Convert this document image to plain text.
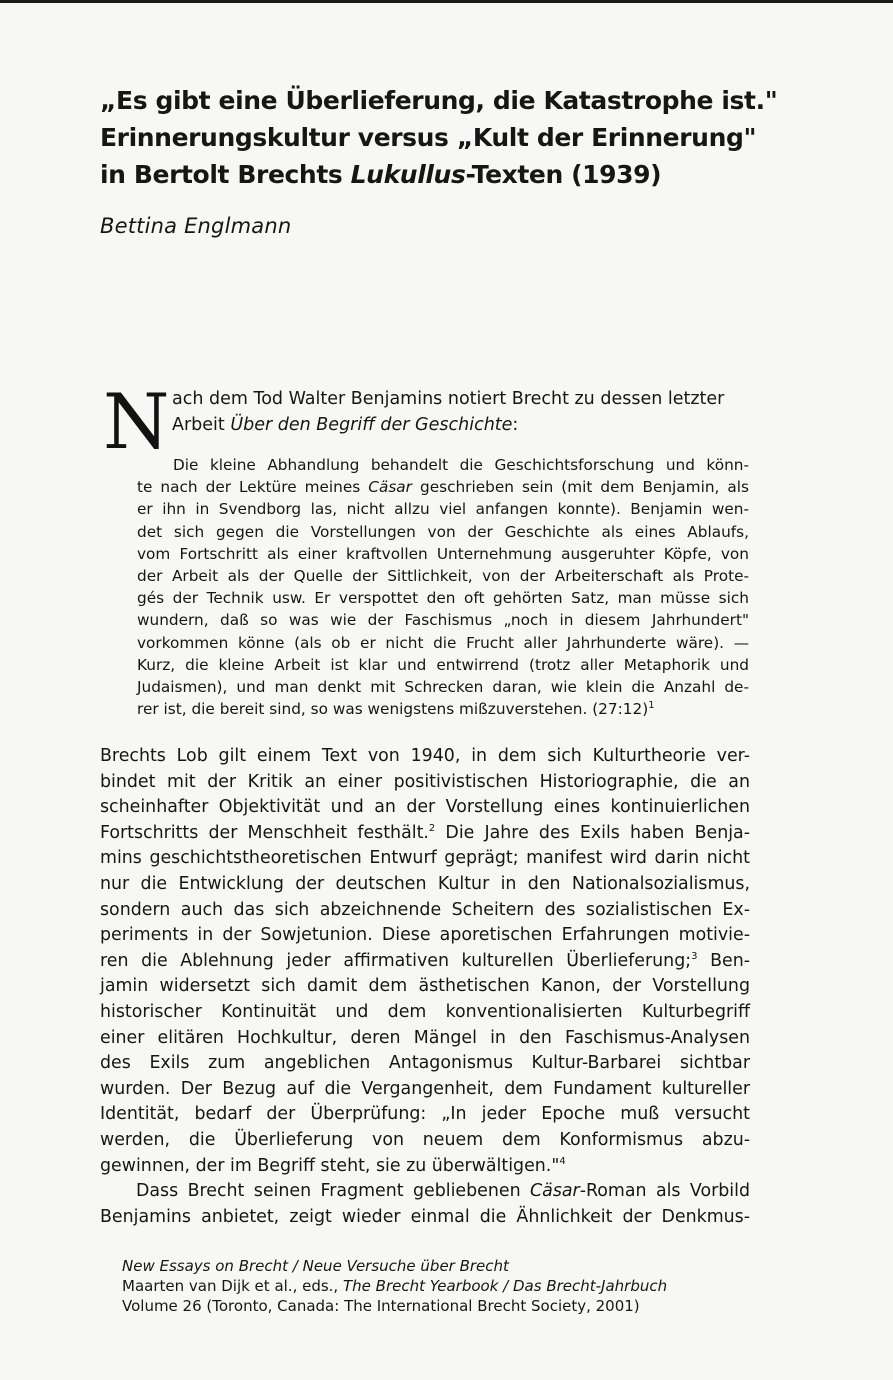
„Es gibt eine Überlieferung, die Katastrophe ist."
Erinnerungskultur versus „Kult der Erinnerung"
in Bertolt Brechts Lukullus-Texten (1939)
Bettina Englmann
N ach dem Tod Walter Benjamins notiert Brecht zu dessen letzter
Arbeit Über den Begriff der Geschichte:
Die kleine Abhandlung behandelt die Geschichtsforschung und könn-
te nach der Lektüre meines Cäsar geschrieben sein (mit dem Benjamin, als
er ihn in Svendborg las, nicht allzu viel anfangen konnte). Benjamin wen-
det sich gegen die Vorstellungen von der Geschichte als eines Ablaufs,
vom Fortschritt als einer kraftvollen Unternehmung ausgeruhter Köpfe, von
der Arbeit als der Quelle der Sittlichkeit, von der Arbeiterschaft als Prote-
gés der Technik usw. Er verspottet den oft gehörten Satz, man müsse sich
wundern, daß so was wie der Faschismus „noch in diesem Jahrhundert"
vorkommen könne (als ob er nicht die Frucht aller Jahrhunderte wäre). —
Kurz, die kleine Arbeit ist klar und entwirrend (trotz aller Metaphorik und
Judaismen), und man denkt mit Schrecken daran, wie klein die Anzahl de-
rer ist, die bereit sind, so was wenigstens mißzuverstehen. (27:12)$^1$
Brechts Lob gilt einem Text von 1940, in dem sich Kulturtheorie ver-
bindet mit der Kritik an einer positivistischen Historiographie, die an
scheinhafter Objektivität und an der Vorstellung eines kontinuierlichen
Fortschritts der Menschheit festhält.$^2$ Die Jahre des Exils haben Benja-
mins geschichtstheoretischen Entwurf geprägt; manifest wird darin nicht
nur die Entwicklung der deutschen Kultur in den Nationalsozialismus,
sondern auch das sich abzeichnende Scheitern des sozialistischen Ex-
periments in der Sowjetunion. Diese aporetischen Erfahrungen motivie-
ren die Ablehnung jeder affirmativen kulturellen Überlieferung;$^3$ Ben-
jamin widersetzt sich damit dem ästhetischen Kanon, der Vorstellung
historischer Kontinuität und dem konventionalisierten Kulturbegriff
einer elitären Hochkultur, deren Mängel in den Faschismus-Analysen
des Exils zum angeblichen Antagonismus Kultur-Barbarei sichtbar
wurden. Der Bezug auf die Vergangenheit, dem Fundament kultureller
Identität, bedarf der Überprüfung: „In jeder Epoche muß versucht
werden, die Überlieferung von neuem dem Konformismus abzu-
gewinnen, der im Begriff steht, sie zu überwältigen."$^4$
Dass Brecht seinen Fragment gebliebenen Cäsar-Roman als Vorbild
Benjamins anbietet, zeigt wieder einmal die Ähnlichkeit der Denkmus-
New Essays on Brecht / Neue Versuche über Brecht
Maarten van Dijk et al., eds., The Brecht Yearbook / Das Brecht-Jahrbuch
Volume 26 (Toronto, Canada: The International Brecht Society, 2001)
